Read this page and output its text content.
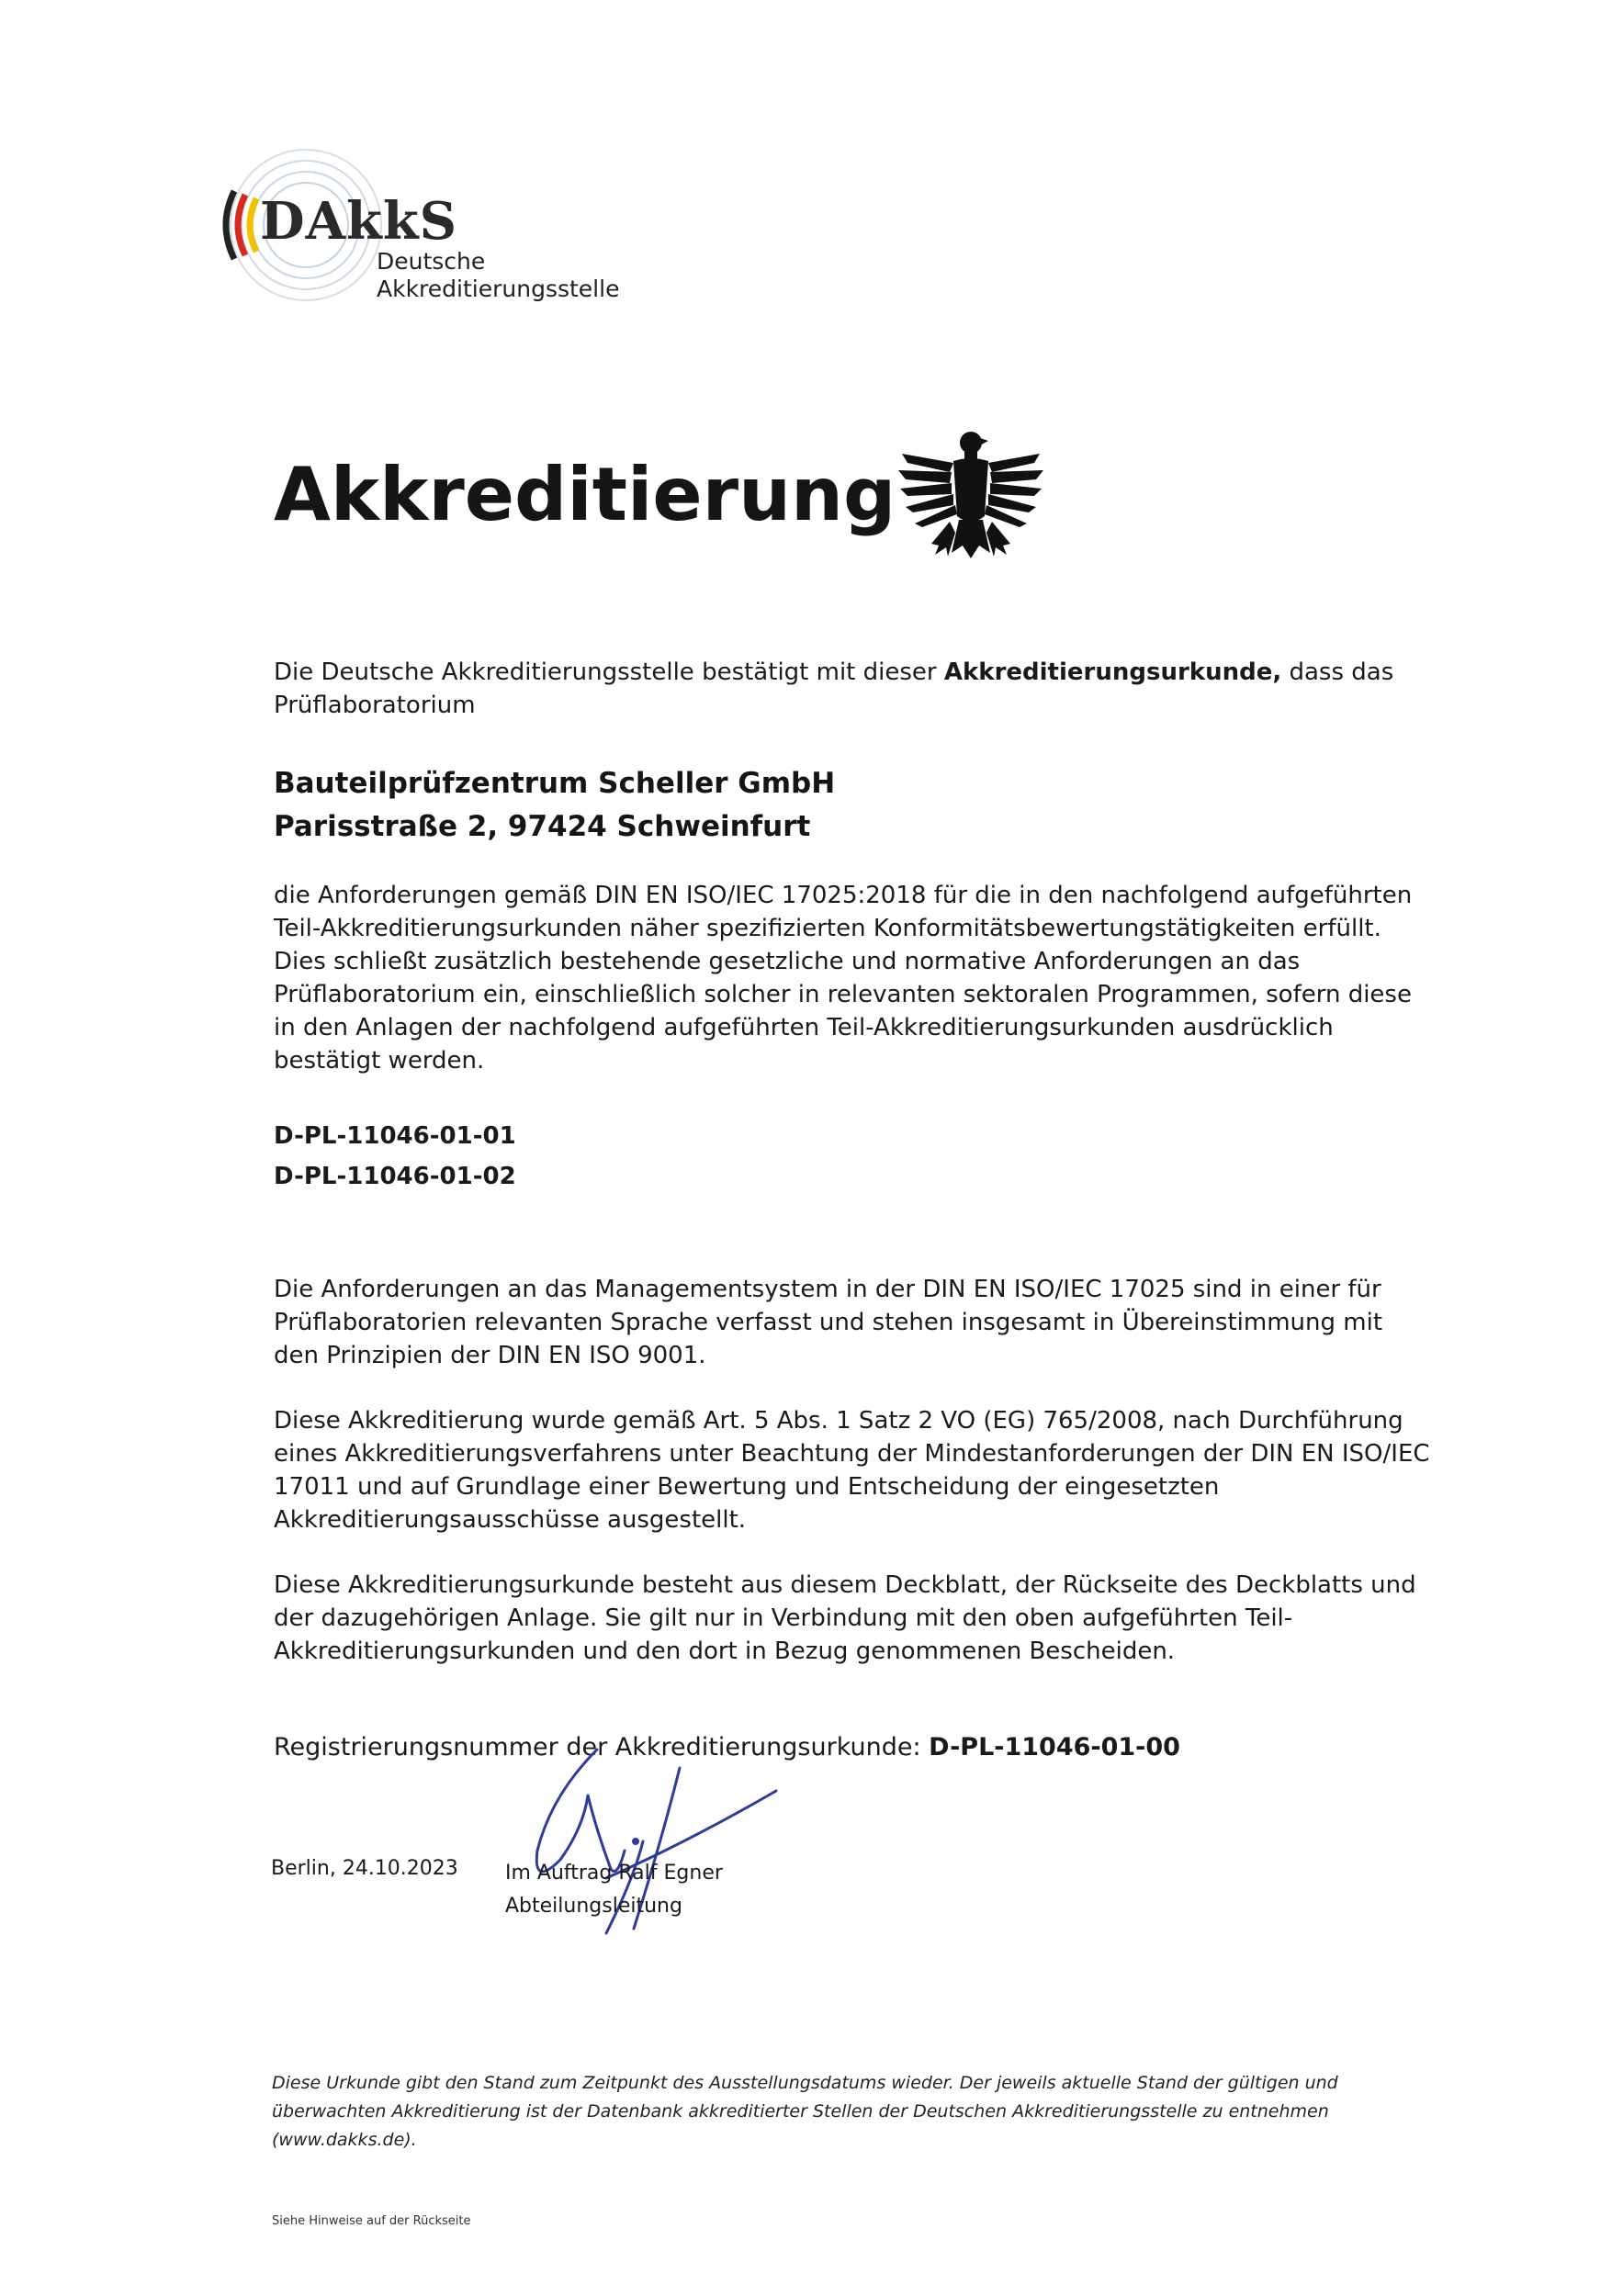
DAkkS
Deutsche
Akkreditierungsstelle
Akkreditierung
Die Deutsche Akkreditierungsstelle bestätigt mit dieser Akkreditierungsurkunde, dass das Prüflaboratorium
Bauteilprüfzentrum Scheller GmbH
Parisstraße 2, 97424 Schweinfurt
die Anforderungen gemäß DIN EN ISO/IEC 17025:2018 für die in den nachfolgend aufgeführten Teil-Akkreditierungsurkunden näher spezifizierten Konformitätsbewertungstätigkeiten erfüllt. Dies schließt zusätzlich bestehende gesetzliche und normative Anforderungen an das Prüflaboratorium ein, einschließlich solcher in relevanten sektoralen Programmen, sofern diese in den Anlagen der nachfolgend aufgeführten Teil-Akkreditierungsurkunden ausdrücklich bestätigt werden.
D-PL-11046-01-01
D-PL-11046-01-02
Die Anforderungen an das Managementsystem in der DIN EN ISO/IEC 17025 sind in einer für Prüflaboratorien relevanten Sprache verfasst und stehen insgesamt in Übereinstimmung mit den Prinzipien der DIN EN ISO 9001.
Diese Akkreditierung wurde gemäß Art. 5 Abs. 1 Satz 2 VO (EG) 765/2008, nach Durchführung eines Akkreditierungsverfahrens unter Beachtung der Mindestanforderungen der DIN EN ISO/IEC 17011 und auf Grundlage einer Bewertung und Entscheidung der eingesetzten Akkreditierungsausschüsse ausgestellt.
Diese Akkreditierungsurkunde besteht aus diesem Deckblatt, der Rückseite des Deckblatts und der dazugehörigen Anlage. Sie gilt nur in Verbindung mit den oben aufgeführten Teil-Akkreditierungsurkunden und den dort in Bezug genommenen Bescheiden.
Registrierungsnummer der Akkreditierungsurkunde: D-PL-11046-01-00
Berlin, 24.10.2023 Im Auftrag Ralf Egner
Abteilungsleitung
Diese Urkunde gibt den Stand zum Zeitpunkt des Ausstellungsdatums wieder. Der jeweils aktuelle Stand der gültigen und überwachten Akkreditierung ist der Datenbank akkreditierter Stellen der Deutschen Akkreditierungsstelle zu entnehmen (www.dakks.de).
Siehe Hinweise auf der Rückseite
